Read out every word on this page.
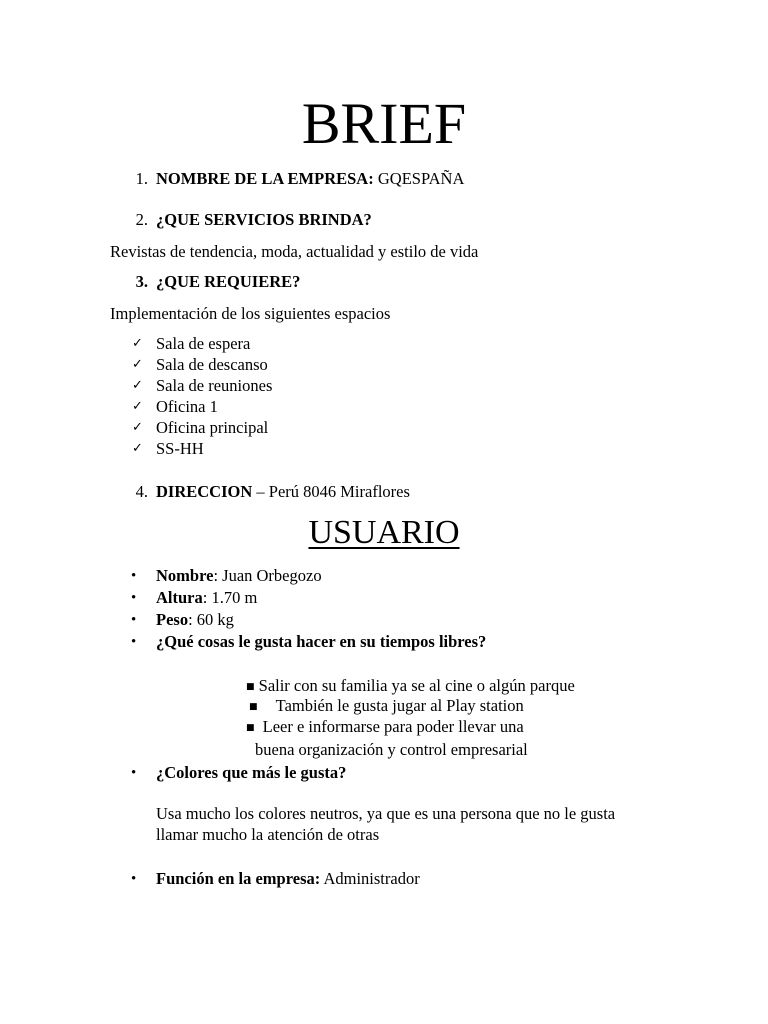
BRIEF
1. NOMBRE DE LA EMPRESA: GQESPAÑA
2. ¿QUE SERVICIOS BRINDA?
Revistas de tendencia, moda, actualidad y estilo de vida
3. ¿QUE REQUIERE?
Implementación de los siguientes espacios
✓ Sala de espera
✓ Sala de descanso
✓ Sala de reuniones
✓ Oficina 1
✓ Oficina principal
✓ SS-HH
4. DIRECCION – Perú 8046 Miraflores
USUARIO
• Nombre: Juan Orbegozo
• Altura: 1.70 m
• Peso: 60 kg
• ¿Qué cosas le gusta hacer en su tiempos libres?
■ Salir con su familia ya se al cine o algún parque
■ También le gusta jugar al Play station
■ Leer e informarse para poder llevar una
buena organización y control empresarial
• ¿Colores que más le gusta?
Usa mucho los colores neutros, ya que es una persona que no le gusta
llamar mucho la atención de otras
• Función en la empresa: Administrador
